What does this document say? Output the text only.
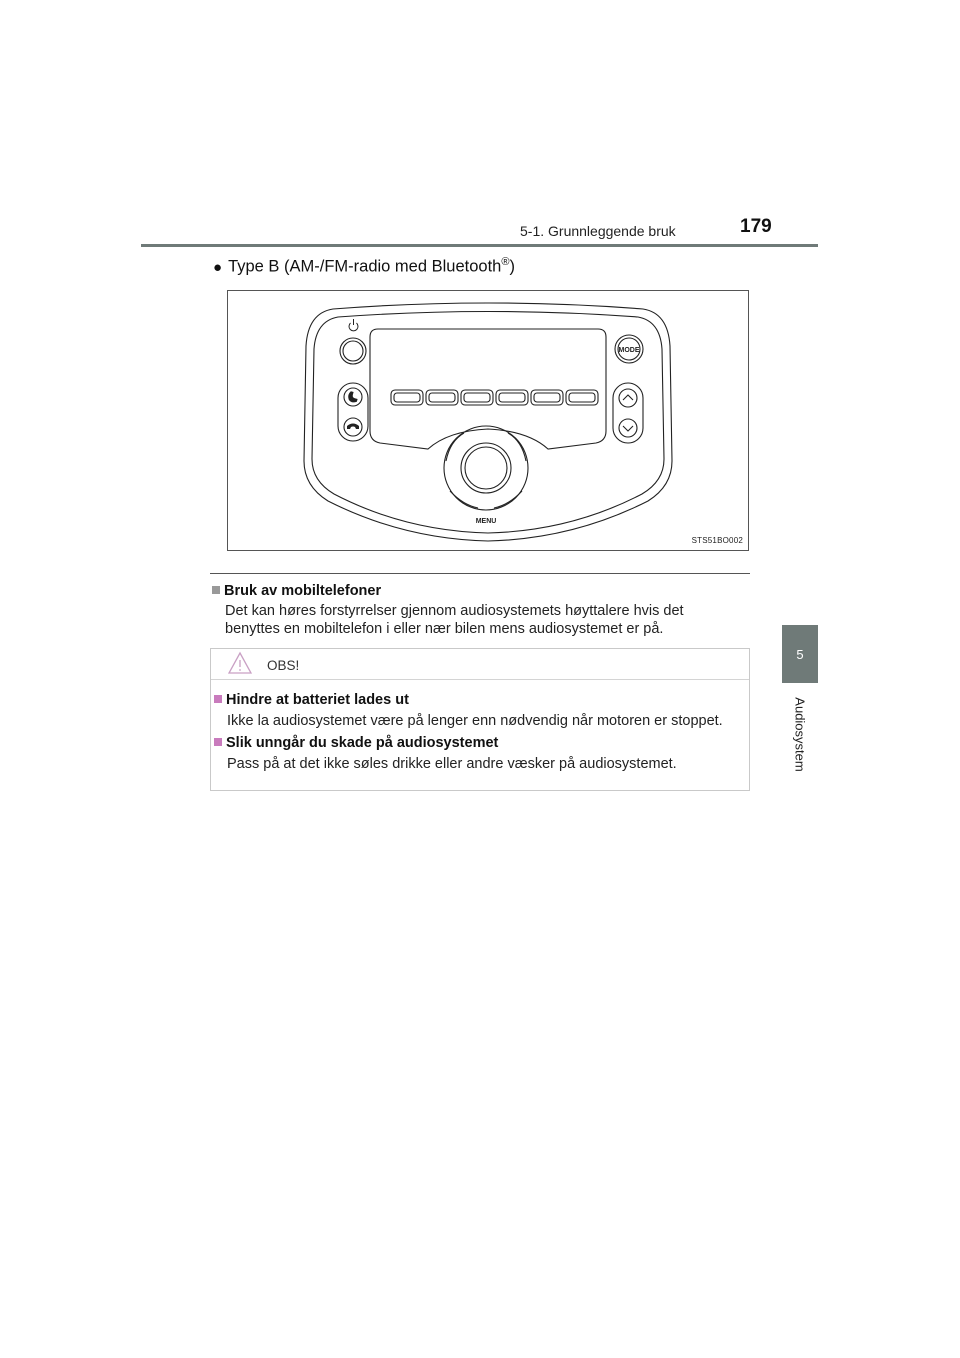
5-1. Grunnleggende bruk	179
5
Audiosystem
● Type B (AM-/FM-radio med Bluetooth®)
MODE
MENU
STS51BO002
Bruk av mobiltelefoner
Det kan høres forstyrrelser gjennom audiosystemets høyttalere hvis det
benyttes en mobiltelefon i eller nær bilen mens audiosystemet er på.
OBS!
Hindre at batteriet lades ut
Ikke la audiosystemet være på lenger enn nødvendig når motoren er stoppet.
Slik unngår du skade på audiosystemet
Pass på at det ikke søles drikke eller andre væsker på audiosystemet.
